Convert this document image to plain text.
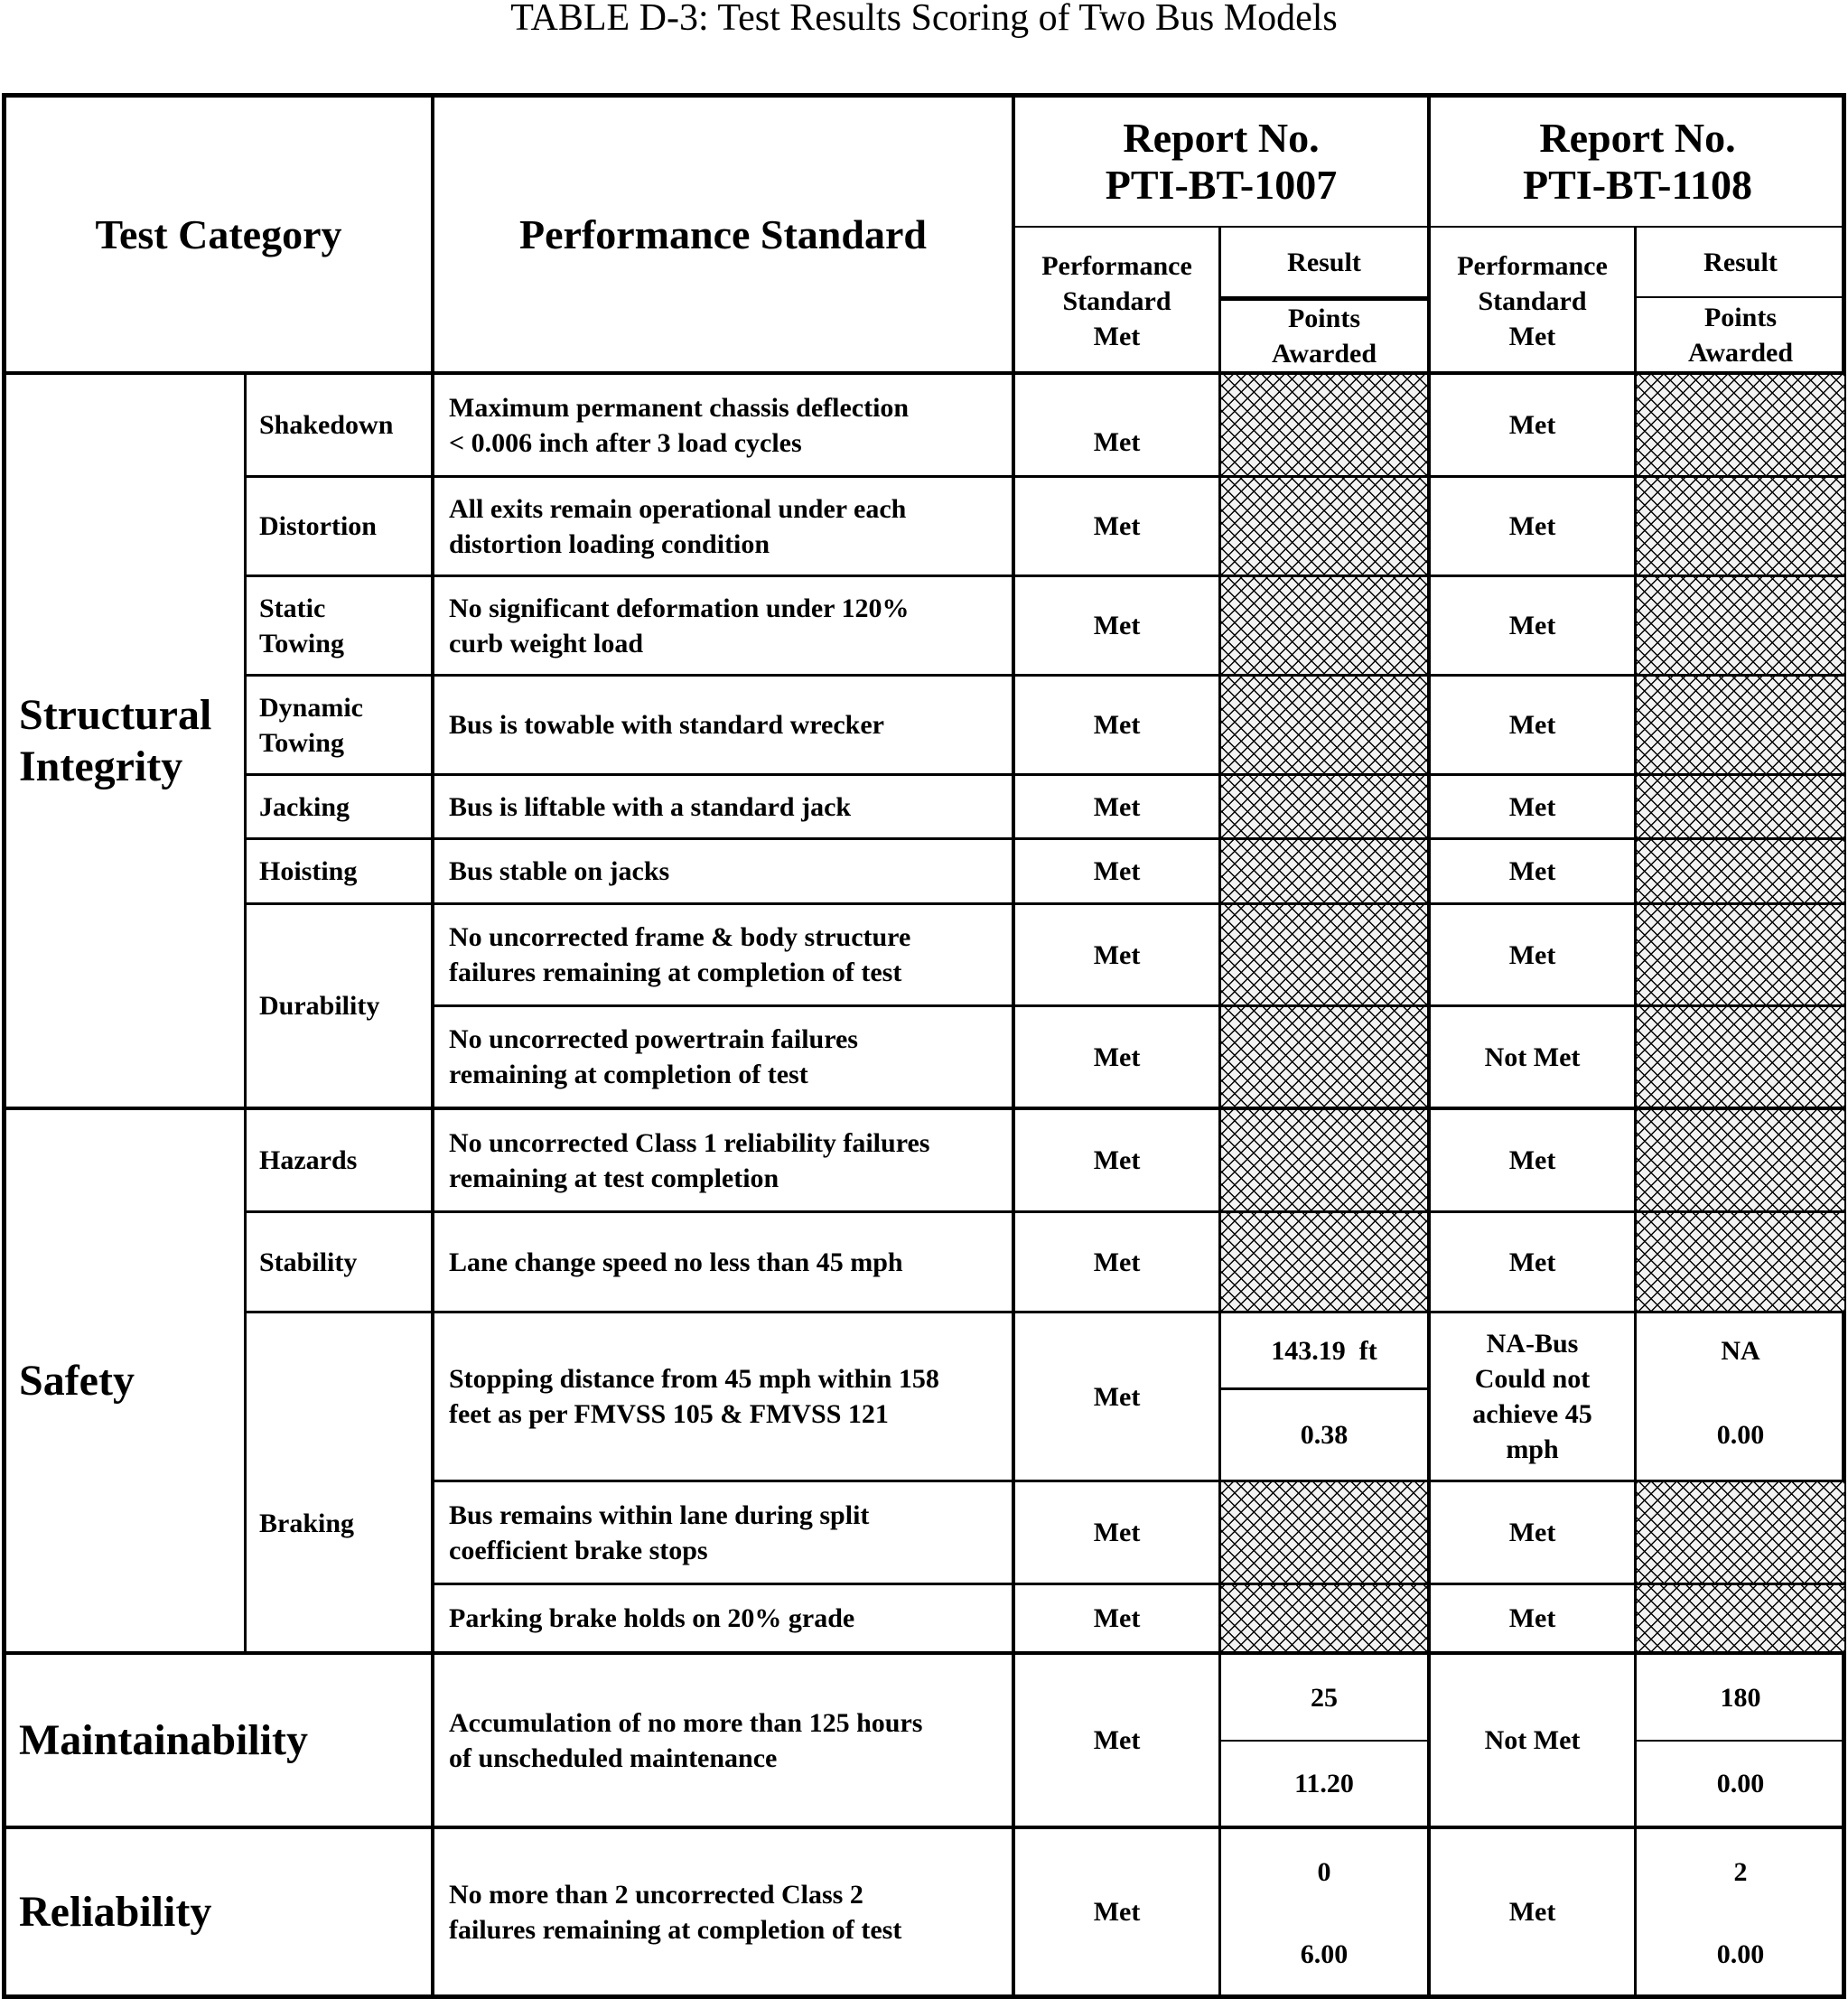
TABLE D-3: Test Results Scoring of Two Bus Models
Test Category	Performance Standard
Report No.
PTI-BT-1007
Report No.
PTI-BT-1108
Performance
Standard
Met
Result
Points
Awarded
Performance
Standard
Met
Result
Points
Awarded
Structural
Integrity
Safety
Maintainability
Reliability
Shakedown
Distortion
Static
Towing
Dynamic
Towing
Jacking
Hoisting
Durability
Hazards
Stability
Braking
Maximum permanent chassis deflection
< 0.006 inch after 3 load cycles
All exits remain operational under each
distortion loading condition
No significant deformation under 120%
curb weight load
Bus is towable with standard wrecker
Bus is liftable with a standard jack
Bus stable on jacks
No uncorrected frame & body structure
failures remaining at completion of test
No uncorrected powertrain failures
remaining at completion of test
No uncorrected Class 1 reliability failures
remaining at test completion
Lane change speed no less than 45 mph
Stopping distance from 45 mph within 158
feet as per FMVSS 105 & FMVSS 121
Bus remains within lane during split
coefficient brake stops
Parking brake holds on 20% grade
Accumulation of no more than 125 hours
of unscheduled maintenance
No more than 2 uncorrected Class 2
failures remaining at completion of test
Met
Met
Met
Met
Met
Met
Met
Met
Met
Met
Met
Met
Met
Met
Met
143.19  ft
0.38
25
11.20
0
6.00
Met
Met
Met
Met
Met
Met
Met
Not Met
Met
Met
NA-Bus
Could not
achieve 45
mph
Met
Met
Not Met
Met
NA
0.00
180
0.00
2
0.00
